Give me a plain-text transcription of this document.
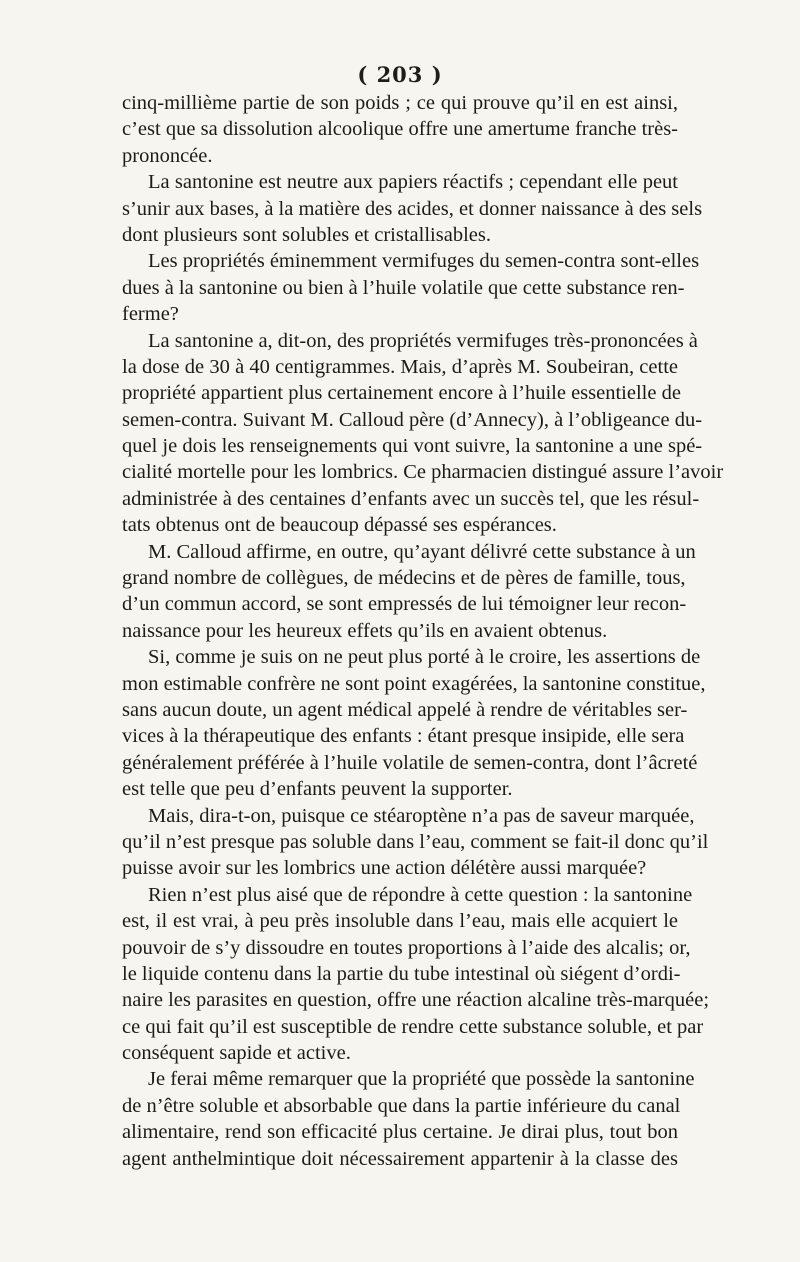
( 203 )
cinq-millième partie de son poids ; ce qui prouve qu’il en est ainsi,
c’est que sa dissolution alcoolique offre une amertume franche très-
prononcée.
La santonine est neutre aux papiers réactifs ; cependant elle peut
s’unir aux bases, à la matière des acides, et donner naissance à des sels
dont plusieurs sont solubles et cristallisables.
Les propriétés éminemment vermifuges du semen-contra sont-elles
dues à la santonine ou bien à l’huile volatile que cette substance ren-
ferme?
La santonine a, dit-on, des propriétés vermifuges très-prononcées à
la dose de 30 à 40 centigrammes. Mais, d’après M. Soubeiran, cette
propriété appartient plus certainement encore à l’huile essentielle de
semen-contra. Suivant M. Calloud père (d’Annecy), à l’obligeance du-
quel je dois les renseignements qui vont suivre, la santonine a une spé-
cialité mortelle pour les lombrics. Ce pharmacien distingué assure l’avoir
administrée à des centaines d’enfants avec un succès tel, que les résul-
tats obtenus ont de beaucoup dépassé ses espérances.
M. Calloud affirme, en outre, qu’ayant délivré cette substance à un
grand nombre de collègues, de médecins et de pères de famille, tous,
d’un commun accord, se sont empressés de lui témoigner leur recon-
naissance pour les heureux effets qu’ils en avaient obtenus.
Si, comme je suis on ne peut plus porté à le croire, les assertions de
mon estimable confrère ne sont point exagérées, la santonine constitue,
sans aucun doute, un agent médical appelé à rendre de véritables ser-
vices à la thérapeutique des enfants : étant presque insipide, elle sera
généralement préférée à l’huile volatile de semen-contra, dont l’âcreté
est telle que peu d’enfants peuvent la supporter.
Mais, dira-t-on, puisque ce stéaroptène n’a pas de saveur marquée,
qu’il n’est presque pas soluble dans l’eau, comment se fait-il donc qu’il
puisse avoir sur les lombrics une action délétère aussi marquée?
Rien n’est plus aisé que de répondre à cette question : la santonine
est, il est vrai, à peu près insoluble dans l’eau, mais elle acquiert le
pouvoir de s’y dissoudre en toutes proportions à l’aide des alcalis; or,
le liquide contenu dans la partie du tube intestinal où siégent d’ordi-
naire les parasites en question, offre une réaction alcaline très-marquée;
ce qui fait qu’il est susceptible de rendre cette substance soluble, et par
conséquent sapide et active.
Je ferai même remarquer que la propriété que possède la santonine
de n’être soluble et absorbable que dans la partie inférieure du canal
alimentaire, rend son efficacité plus certaine. Je dirai plus, tout bon
agent anthelmintique doit nécessairement appartenir à la classe des
